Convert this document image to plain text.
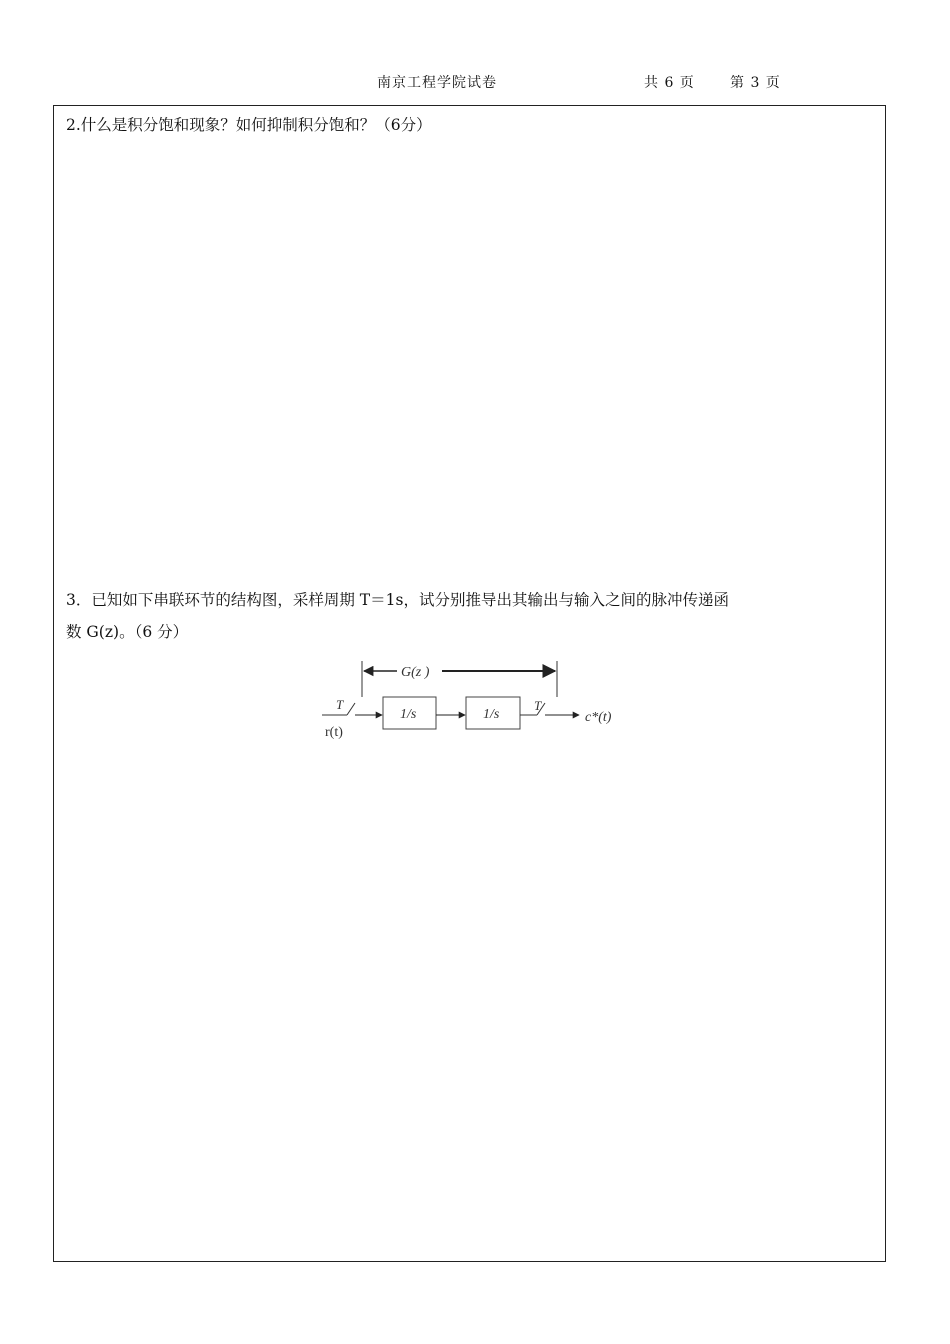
南京工程学院试卷	共 6 页	第 3 页
2.什么是积分饱和现象？如何抑制积分饱和？（6分）
3．已知如下串联环节的结构图，采样周期 T＝1s，试分别推导出其输出与输入之间的脉冲传递函
数 G(z)。（6 分）
G(z )
T
r(t)
1/s	1/s
T
c*(t)
